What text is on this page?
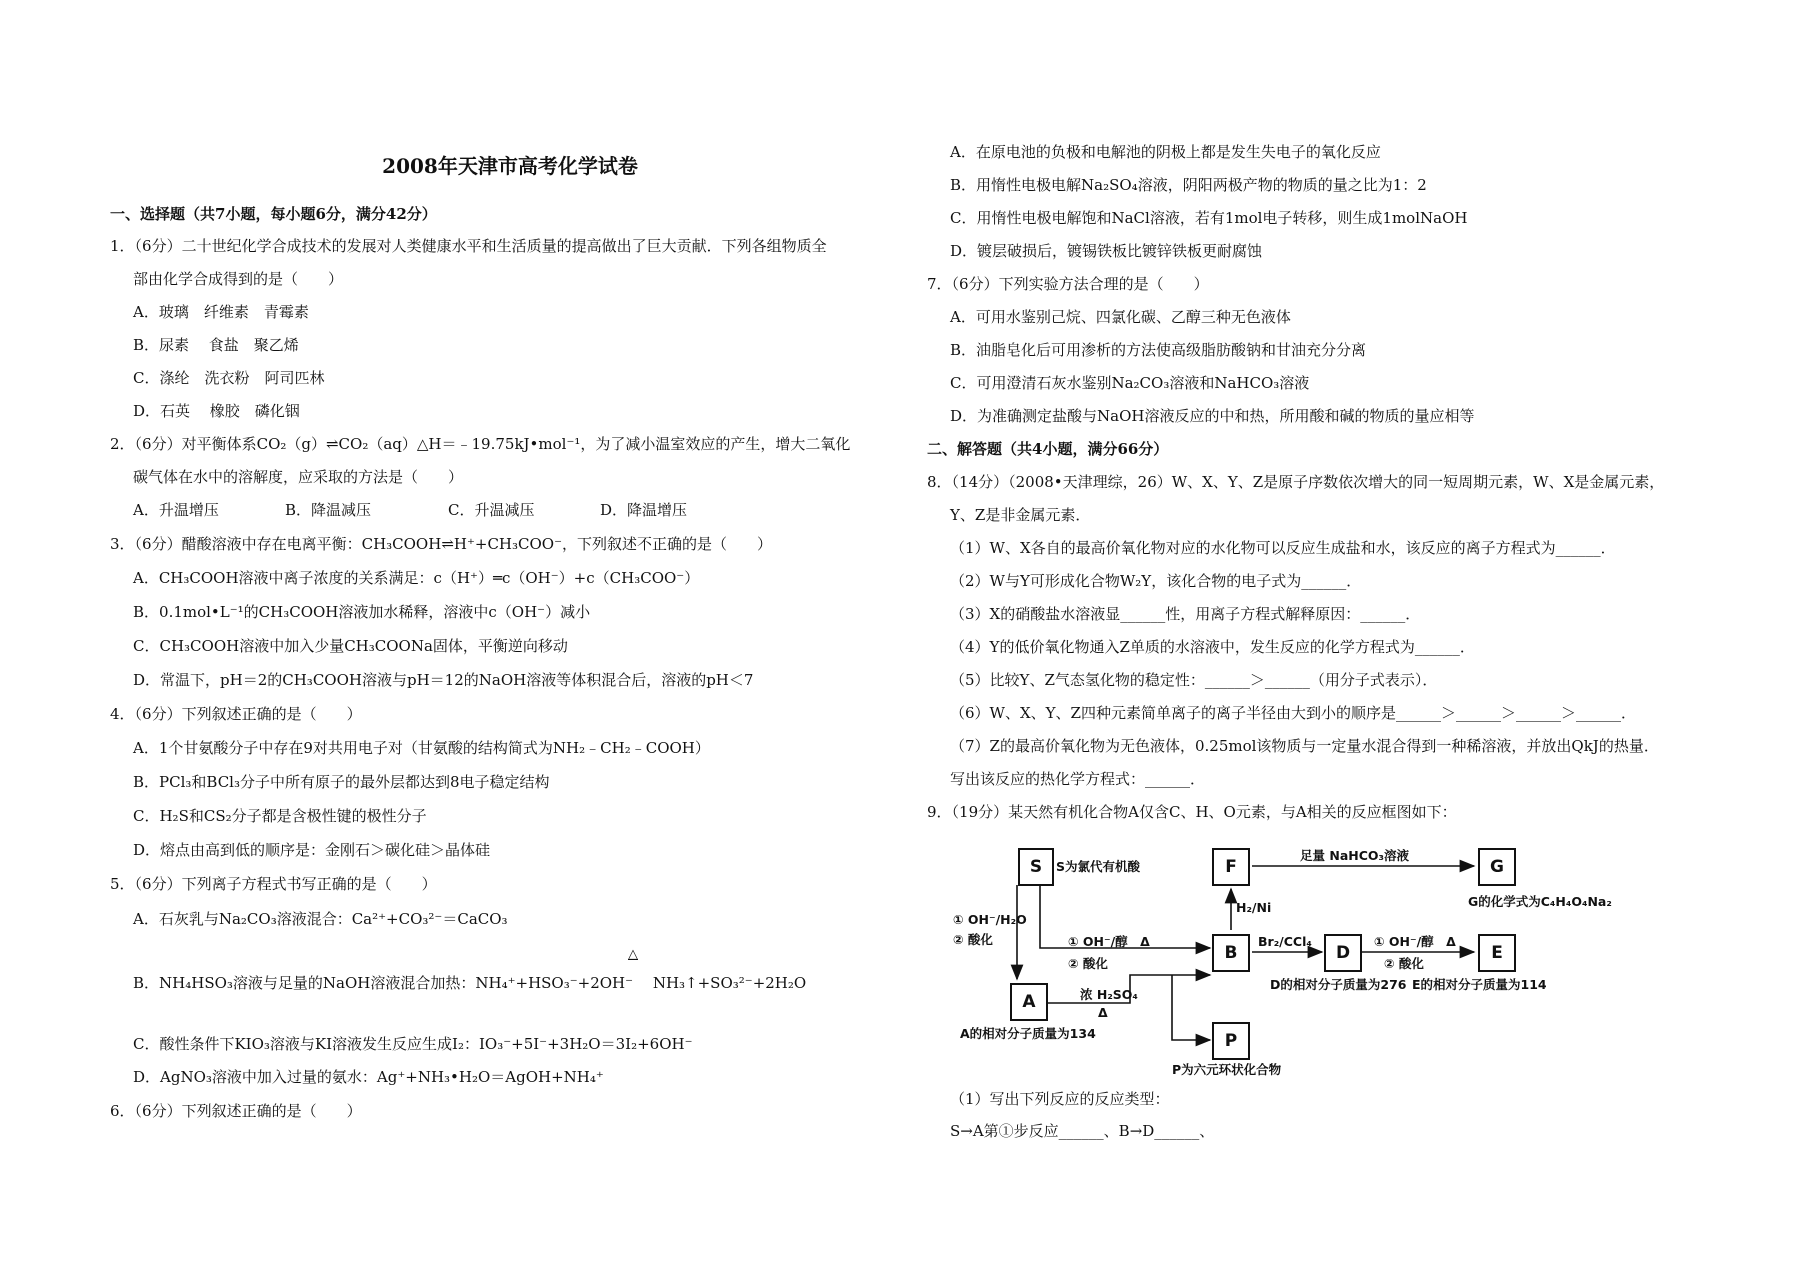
2008年天津市高考化学试卷
一、选择题（共7小题，每小题6分，满分42分）
1．（6分）二十世纪化学合成技术的发展对人类健康水平和生活质量的提高做出了巨大贡献．下列各组物质全
部由化学合成得到的是（　　）
A．玻璃　纤维素　青霉素
B．尿素　 食盐　聚乙烯
C．涤纶　洗衣粉　阿司匹林
D．石英　 橡胶　磷化铟
2．（6分）对平衡体系CO₂（g）⇌CO₂（aq）△H＝﹣19.75kJ•mol⁻¹，为了减小温室效应的产生，增大二氧化
碳气体在水中的溶解度，应采取的方法是（　　）
A．升温增压	B．降温减压	C．升温减压	D．降温增压
3．（6分）醋酸溶液中存在电离平衡：CH₃COOH⇌H⁺+CH₃COO⁻，下列叙述不正确的是（　　）
A．CH₃COOH溶液中离子浓度的关系满足：c（H⁺）═c（OH⁻）+c（CH₃COO⁻）
B．0.1mol•L⁻¹的CH₃COOH溶液加水稀释，溶液中c（OH⁻）减小
C．CH₃COOH溶液中加入少量CH₃COONa固体，平衡逆向移动
D．常温下，pH＝2的CH₃COOH溶液与pH＝12的NaOH溶液等体积混合后，溶液的pH＜7
4．（6分）下列叙述正确的是（　　）
A．1个甘氨酸分子中存在9对共用电子对（甘氨酸的结构简式为NH₂﹣CH₂﹣COOH）
B．PCl₃和BCl₃分子中所有原子的最外层都达到8电子稳定结构
C．H₂S和CS₂分子都是含极性键的极性分子
D．熔点由高到低的顺序是：金刚石＞碳化硅＞晶体硅
5．（6分）下列离子方程式书写正确的是（　　）
A．石灰乳与Na₂CO₃溶液混合：Ca²⁺+CO₃²⁻＝CaCO₃
△
B．NH₄HSO₃溶液与足量的NaOH溶液混合加热：NH₄⁺+HSO₃⁻+2OH⁻　 NH₃↑+SO₃²⁻+2H₂O
C．酸性条件下KIO₃溶液与KI溶液发生反应生成I₂：IO₃⁻+5I⁻+3H₂O＝3I₂+6OH⁻
D．AgNO₃溶液中加入过量的氨水：Ag⁺+NH₃•H₂O＝AgOH+NH₄⁺
6．（6分）下列叙述正确的是（　　）
A．在原电池的负极和电解池的阴极上都是发生失电子的氧化反应
B．用惰性电极电解Na₂SO₄溶液，阴阳两极产物的物质的量之比为1：2
C．用惰性电极电解饱和NaCl溶液，若有1mol电子转移，则生成1molNaOH
D．镀层破损后，镀锡铁板比镀锌铁板更耐腐蚀
7．（6分）下列实验方法合理的是（　　）
A．可用水鉴别己烷、四氯化碳、乙醇三种无色液体
B．油脂皂化后可用渗析的方法使高级脂肪酸钠和甘油充分分离
C．可用澄清石灰水鉴别Na₂CO₃溶液和NaHCO₃溶液
D．为准确测定盐酸与NaOH溶液反应的中和热，所用酸和碱的物质的量应相等
二、解答题（共4小题，满分66分）
8．（14分）（2008•天津理综，26）W、X、Y、Z是原子序数依次增大的同一短周期元素，W、X是金属元素，
Y、Z是非金属元素．
（1）W、X各自的最高价氧化物对应的水化物可以反应生成盐和水，该反应的离子方程式为______．
（2）W与Y可形成化合物W₂Y，该化合物的电子式为______．
（3）X的硝酸盐水溶液显______性，用离子方程式解释原因：______．
（4）Y的低价氧化物通入Z单质的水溶液中，发生反应的化学方程式为______．
（5）比较Y、Z气态氢化物的稳定性：______＞______（用分子式表示）．
（6）W、X、Y、Z四种元素简单离子的离子半径由大到小的顺序是______＞______＞______＞______．
（7）Z的最高价氧化物为无色液体，0.25mol该物质与一定量水混合得到一种稀溶液，并放出QkJ的热量．
写出该反应的热化学方程式：______．
9．（19分）某天然有机化合物A仅含C、H、O元素，与A相关的反应框图如下：
（1）写出下列反应的反应类型：
S→A第①步反应______、B→D______、
S	F	G
B	D	E
A
P
S为氯代有机酸
足量 NaHCO₃溶液
G的化学式为C₄H₄O₄Na₂
H₂/Ni
① OH⁻/H₂O
② 酸化	① OH⁻/醇　Δ
② 酸化
Br₂/CCl₄	① OH⁻/醇　Δ
② 酸化
D的相对分子质量为276 E的相对分子质量为114
浓 H₂SO₄
Δ
A的相对分子质量为134
P为六元环状化合物
